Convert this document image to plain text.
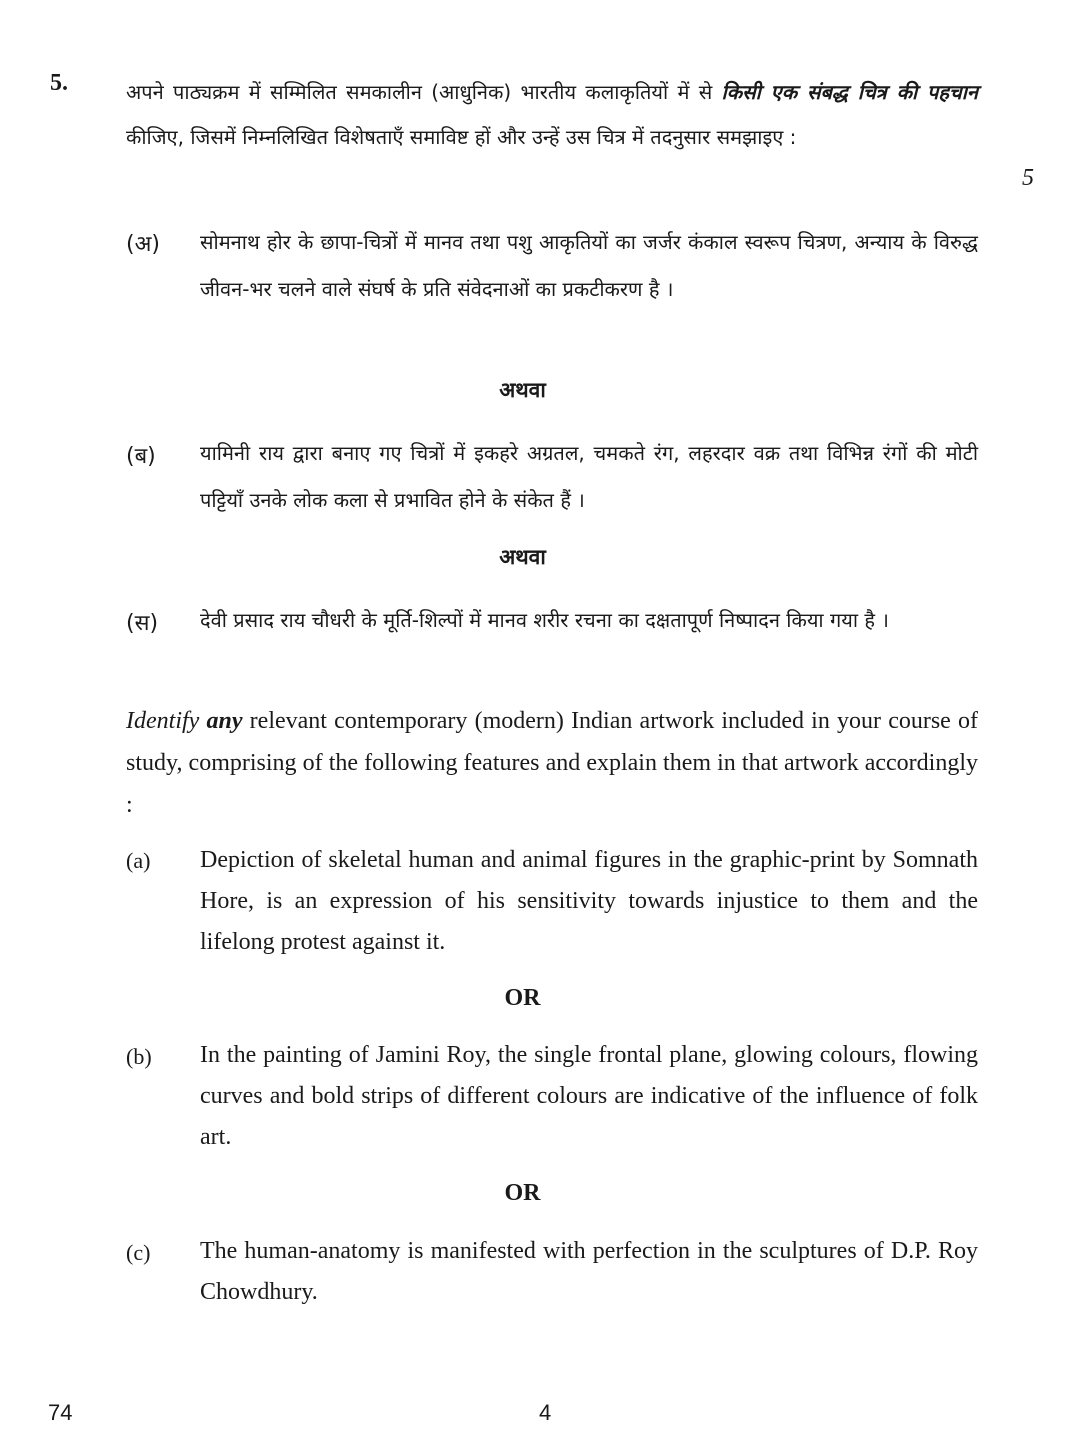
5.
5
अपने पाठ्यक्रम में सम्मिलित समकालीन (आधुनिक) भारतीय कलाकृतियों में से किसी एक संबद्ध चित्र की पहचान कीजिए, जिसमें निम्नलिखित विशेषताएँ समाविष्ट हों और उन्हें उस चित्र में तदनुसार समझाइए :
(अ) सोमनाथ होर के छापा-चित्रों में मानव तथा पशु आकृतियों का जर्जर कंकाल स्वरूप चित्रण, अन्याय के विरुद्ध जीवन-भर चलने वाले संघर्ष के प्रति संवेदनाओं का प्रकटीकरण है ।
अथवा
(ब) यामिनी राय द्वारा बनाए गए चित्रों में इकहरे अग्रतल, चमकते रंग, लहरदार वक्र तथा विभिन्न रंगों की मोटी पट्टियाँ उनके लोक कला से प्रभावित होने के संकेत हैं ।
अथवा
(स) देवी प्रसाद राय चौधरी के मूर्ति-शिल्पों में मानव शरीर रचना का दक्षतापूर्ण निष्पादन किया गया है ।
Identify any relevant contemporary (modern) Indian artwork included in your course of study, comprising of the following features and explain them in that artwork accordingly :
(a) Depiction of skeletal human and animal figures in the graphic-print by Somnath Hore, is an expression of his sensitivity towards injustice to them and the lifelong protest against it.
OR
(b) In the painting of Jamini Roy, the single frontal plane, glowing colours, flowing curves and bold strips of different colours are indicative of the influence of folk art.
OR
(c) The human-anatomy is manifested with perfection in the sculptures of D.P. Roy Chowdhury.
74	4
